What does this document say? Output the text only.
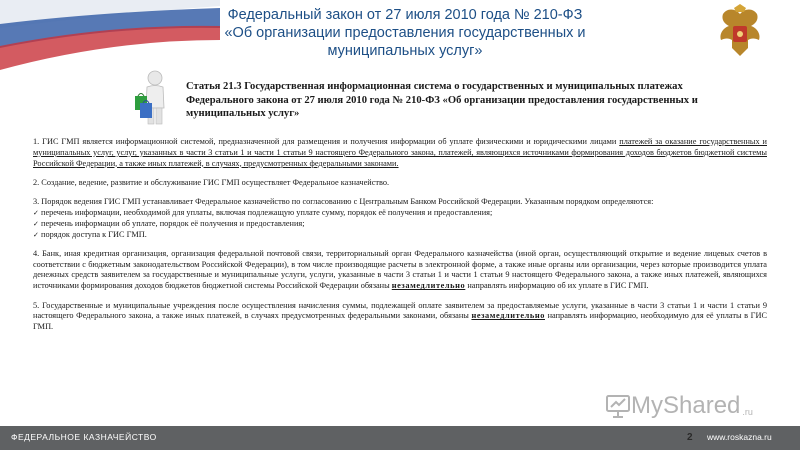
Федеральный закон от 27 июля 2010 года № 210-ФЗ
«Об организации предоставления государственных и
муниципальных услуг»
Статья 21.3 Государственная информационная система о государственных и муниципальных платежах Федерального закона от 27 июля 2010 года № 210-ФЗ «Об организации предоставления государственных и муниципальных услуг»

1. ГИС ГМП является информационной системой, предназначенной для размещения и получения информации об уплате физическими и юридическими лицами платежей за оказание государственных и муниципальных услуг, услуг, указанных в части 3 статьи 1 и части 1 статьи 9 настоящего Федерального закона, платежей, являющихся источниками формирования доходов бюджетов бюджетной системы Российской Федерации, а также иных платежей, в случаях, предусмотренных федеральными законами.

2. Создание, ведение, развитие и обслуживание ГИС ГМП осуществляет Федеральное казначейство.

3. Порядок ведения ГИС ГМП устанавливает Федеральное казначейство по согласованию с Центральным Банком Российской Федерации. Указанным порядком определяются:

✓ перечень информации, необходимой для уплаты, включая подлежащую уплате сумму, порядок её получения и предоставления;
✓ перечень информации об уплате, порядок её получения и предоставления;
✓ порядок доступа к ГИС ГМП.

4. Банк, иная кредитная организация, организация федеральной почтовой связи, территориальный орган Федерального казначейства (иной орган, осуществляющий открытие и ведение лицевых счетов в соответствии с бюджетным законодательством Российской Федерации), в том числе производящие расчеты в электронной форме, а также иные органы или организации, через которые производится уплата денежных средств заявителем за государственные и муниципальные услуги, услуги, указанные в части 3 статьи 1 и части 1 статьи 9 настоящего Федерального закона, а также иных платежей, являющихся источниками формирования доходов бюджетов бюджетной системы Российской Федерации обязаны незамедлительно направлять информацию об их уплате в ГИС ГМП.

5. Государственные и муниципальные учреждения после осуществления начисления суммы, подлежащей оплате заявителем за предоставляемые услуги, указанные в части 3 статьи 1 и части 1 статьи 9 настоящего Федерального закона, а также иных платежей, в случаях предусмотренных федеральными законами, обязаны незамедлительно направлять информацию, необходимую для её уплаты в ГИС ГМП.

MyShared .ru
ФЕДЕРАЛЬНОЕ КАЗНАЧЕЙСТВО	2 www.roskazna.ru
